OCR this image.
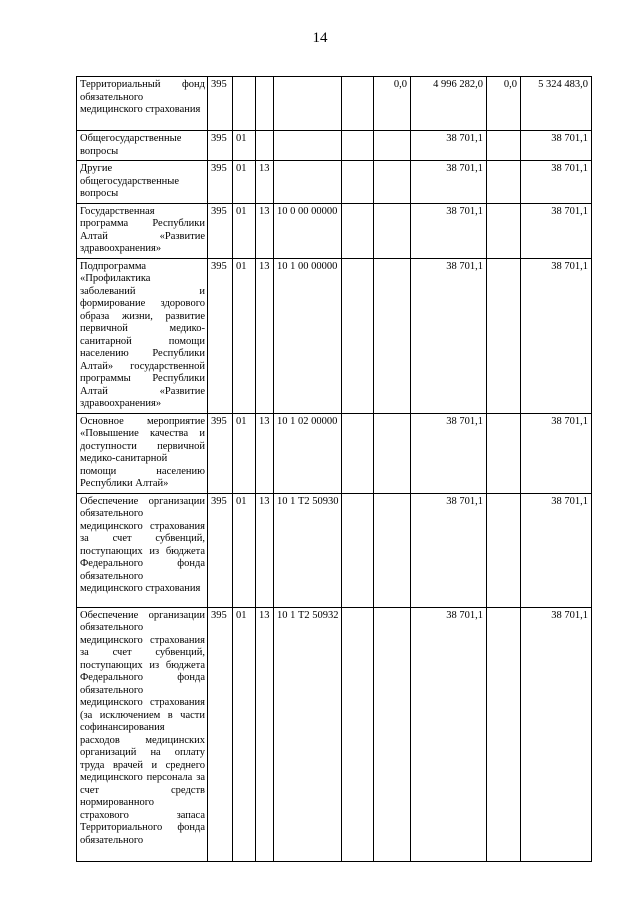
14
Территориальный фонд обязательного медицинского страхования	395					0,0	4 996 282,0	0,0	5 324 483,0
Общегосударственные вопросы	395	01					38 701,1		38 701,1
Другие общегосударственные вопросы	395	01	13				38 701,1		38 701,1
Государственная программа Республики Алтай «Развитие здравоохранения»	395	01	13	10 0 00 00000			38 701,1		38 701,1
Подпрограмма «Профилактика заболеваний и формирование здорового образа жизни, развитие первичной медико-санитарной помощи населению Республики Алтай» государственной программы Республики Алтай «Развитие здравоохранения»	395	01	13	10 1 00 00000			38 701,1		38 701,1
Основное мероприятие «Повышение качества и доступности первичной медико-санитарной помощи населению Республики Алтай»	395	01	13	10 1 02 00000			38 701,1		38 701,1
Обеспечение организации обязательного медицинского страхования за счет субвенций, поступающих из бюджета Федерального фонда обязательного медицинского страхования	395	01	13	10 1 Т2 50930			38 701,1		38 701,1
Обеспечение организации обязательного медицинского страхования за счет субвенций, поступающих из бюджета Федерального фонда обязательного медицинского страхования (за исключением в части софинансирования расходов медицинских организаций на оплату труда врачей и среднего медицинского персонала за счет средств нормированного страхового запаса Территориального фонда обязательного	395	01	13	10 1 Т2 50932			38 701,1		38 701,1
